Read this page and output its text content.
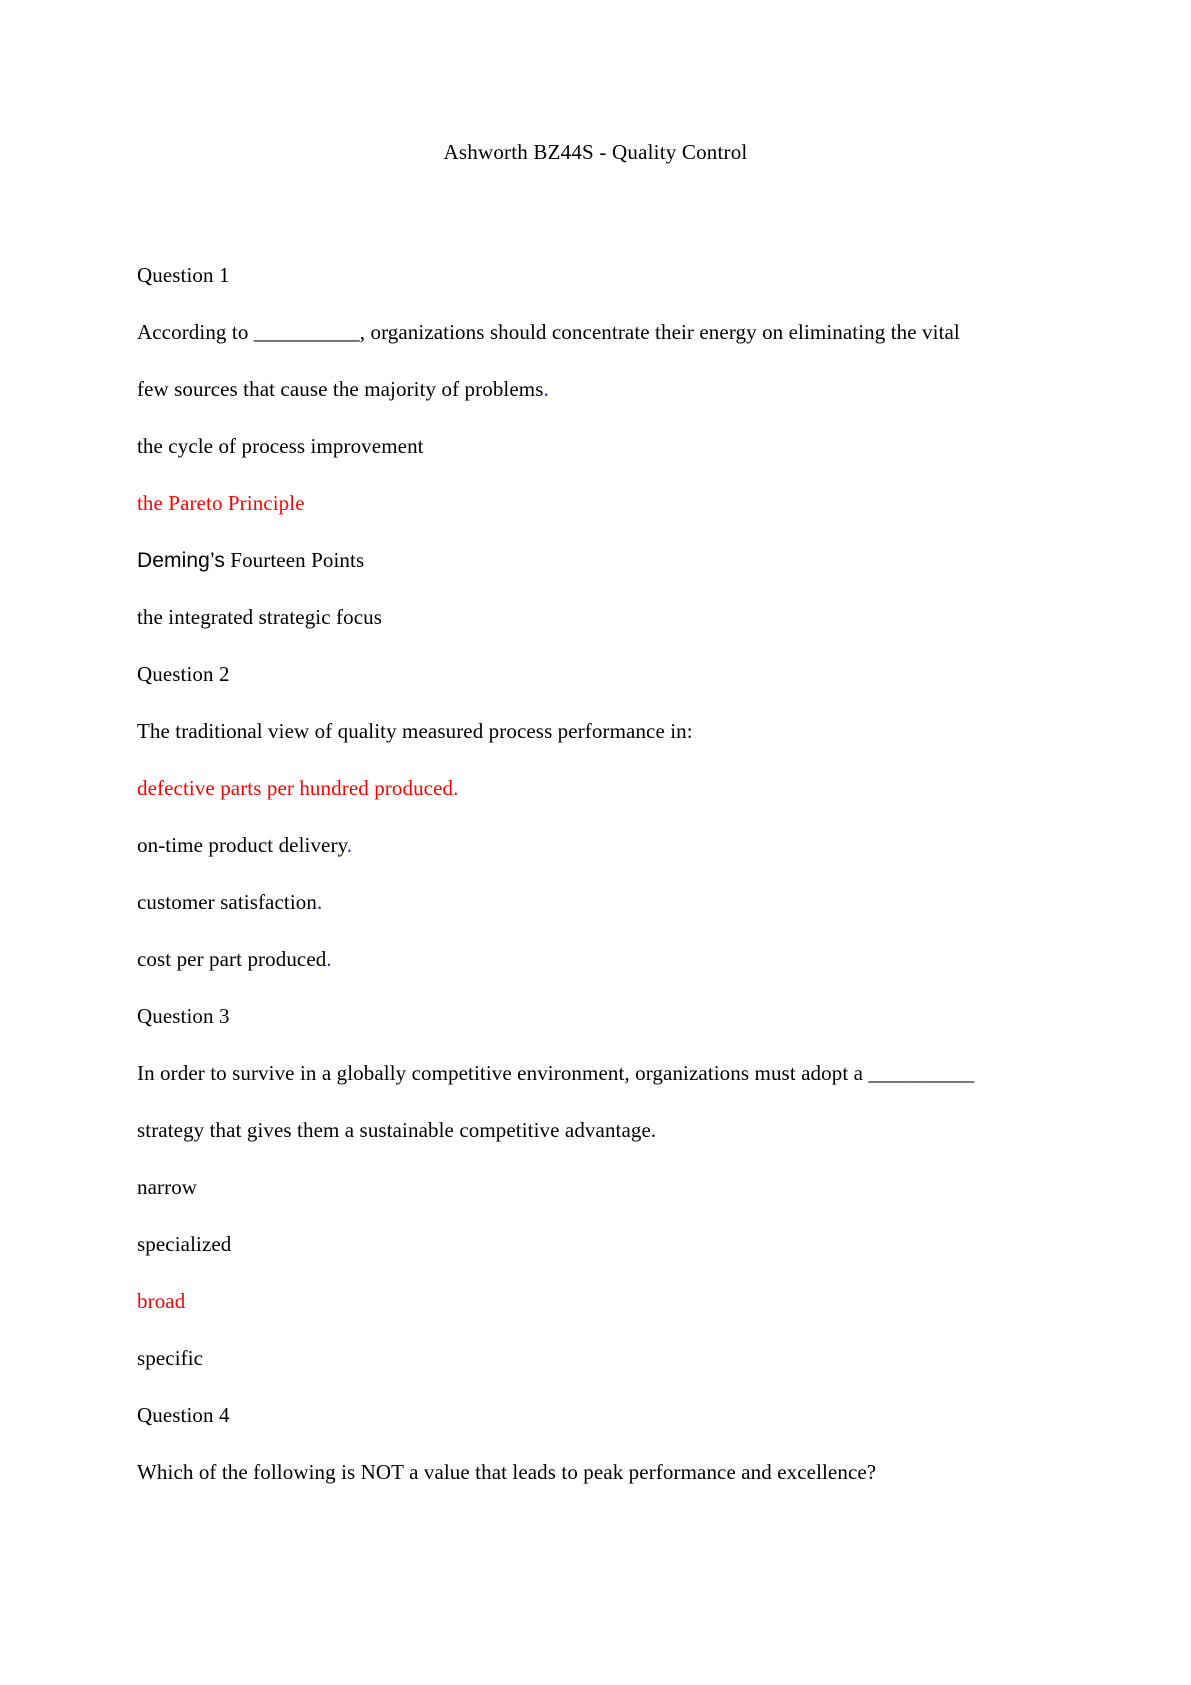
Ashworth BZ44S - Quality Control

Question 1

According to __________, organizations should concentrate their energy on eliminating the vital

few sources that cause the majority of problems.

the cycle of process improvement

the Pareto Principle

Deming’s Fourteen Points

the integrated strategic focus

Question 2

The traditional view of quality measured process performance in:

defective parts per hundred produced.

on-time product delivery.

customer satisfaction.

cost per part produced.

Question 3

In order to survive in a globally competitive environment, organizations must adopt a __________

strategy that gives them a sustainable competitive advantage.

narrow

specialized

broad

specific

Question 4

Which of the following is NOT a value that leads to peak performance and excellence?
